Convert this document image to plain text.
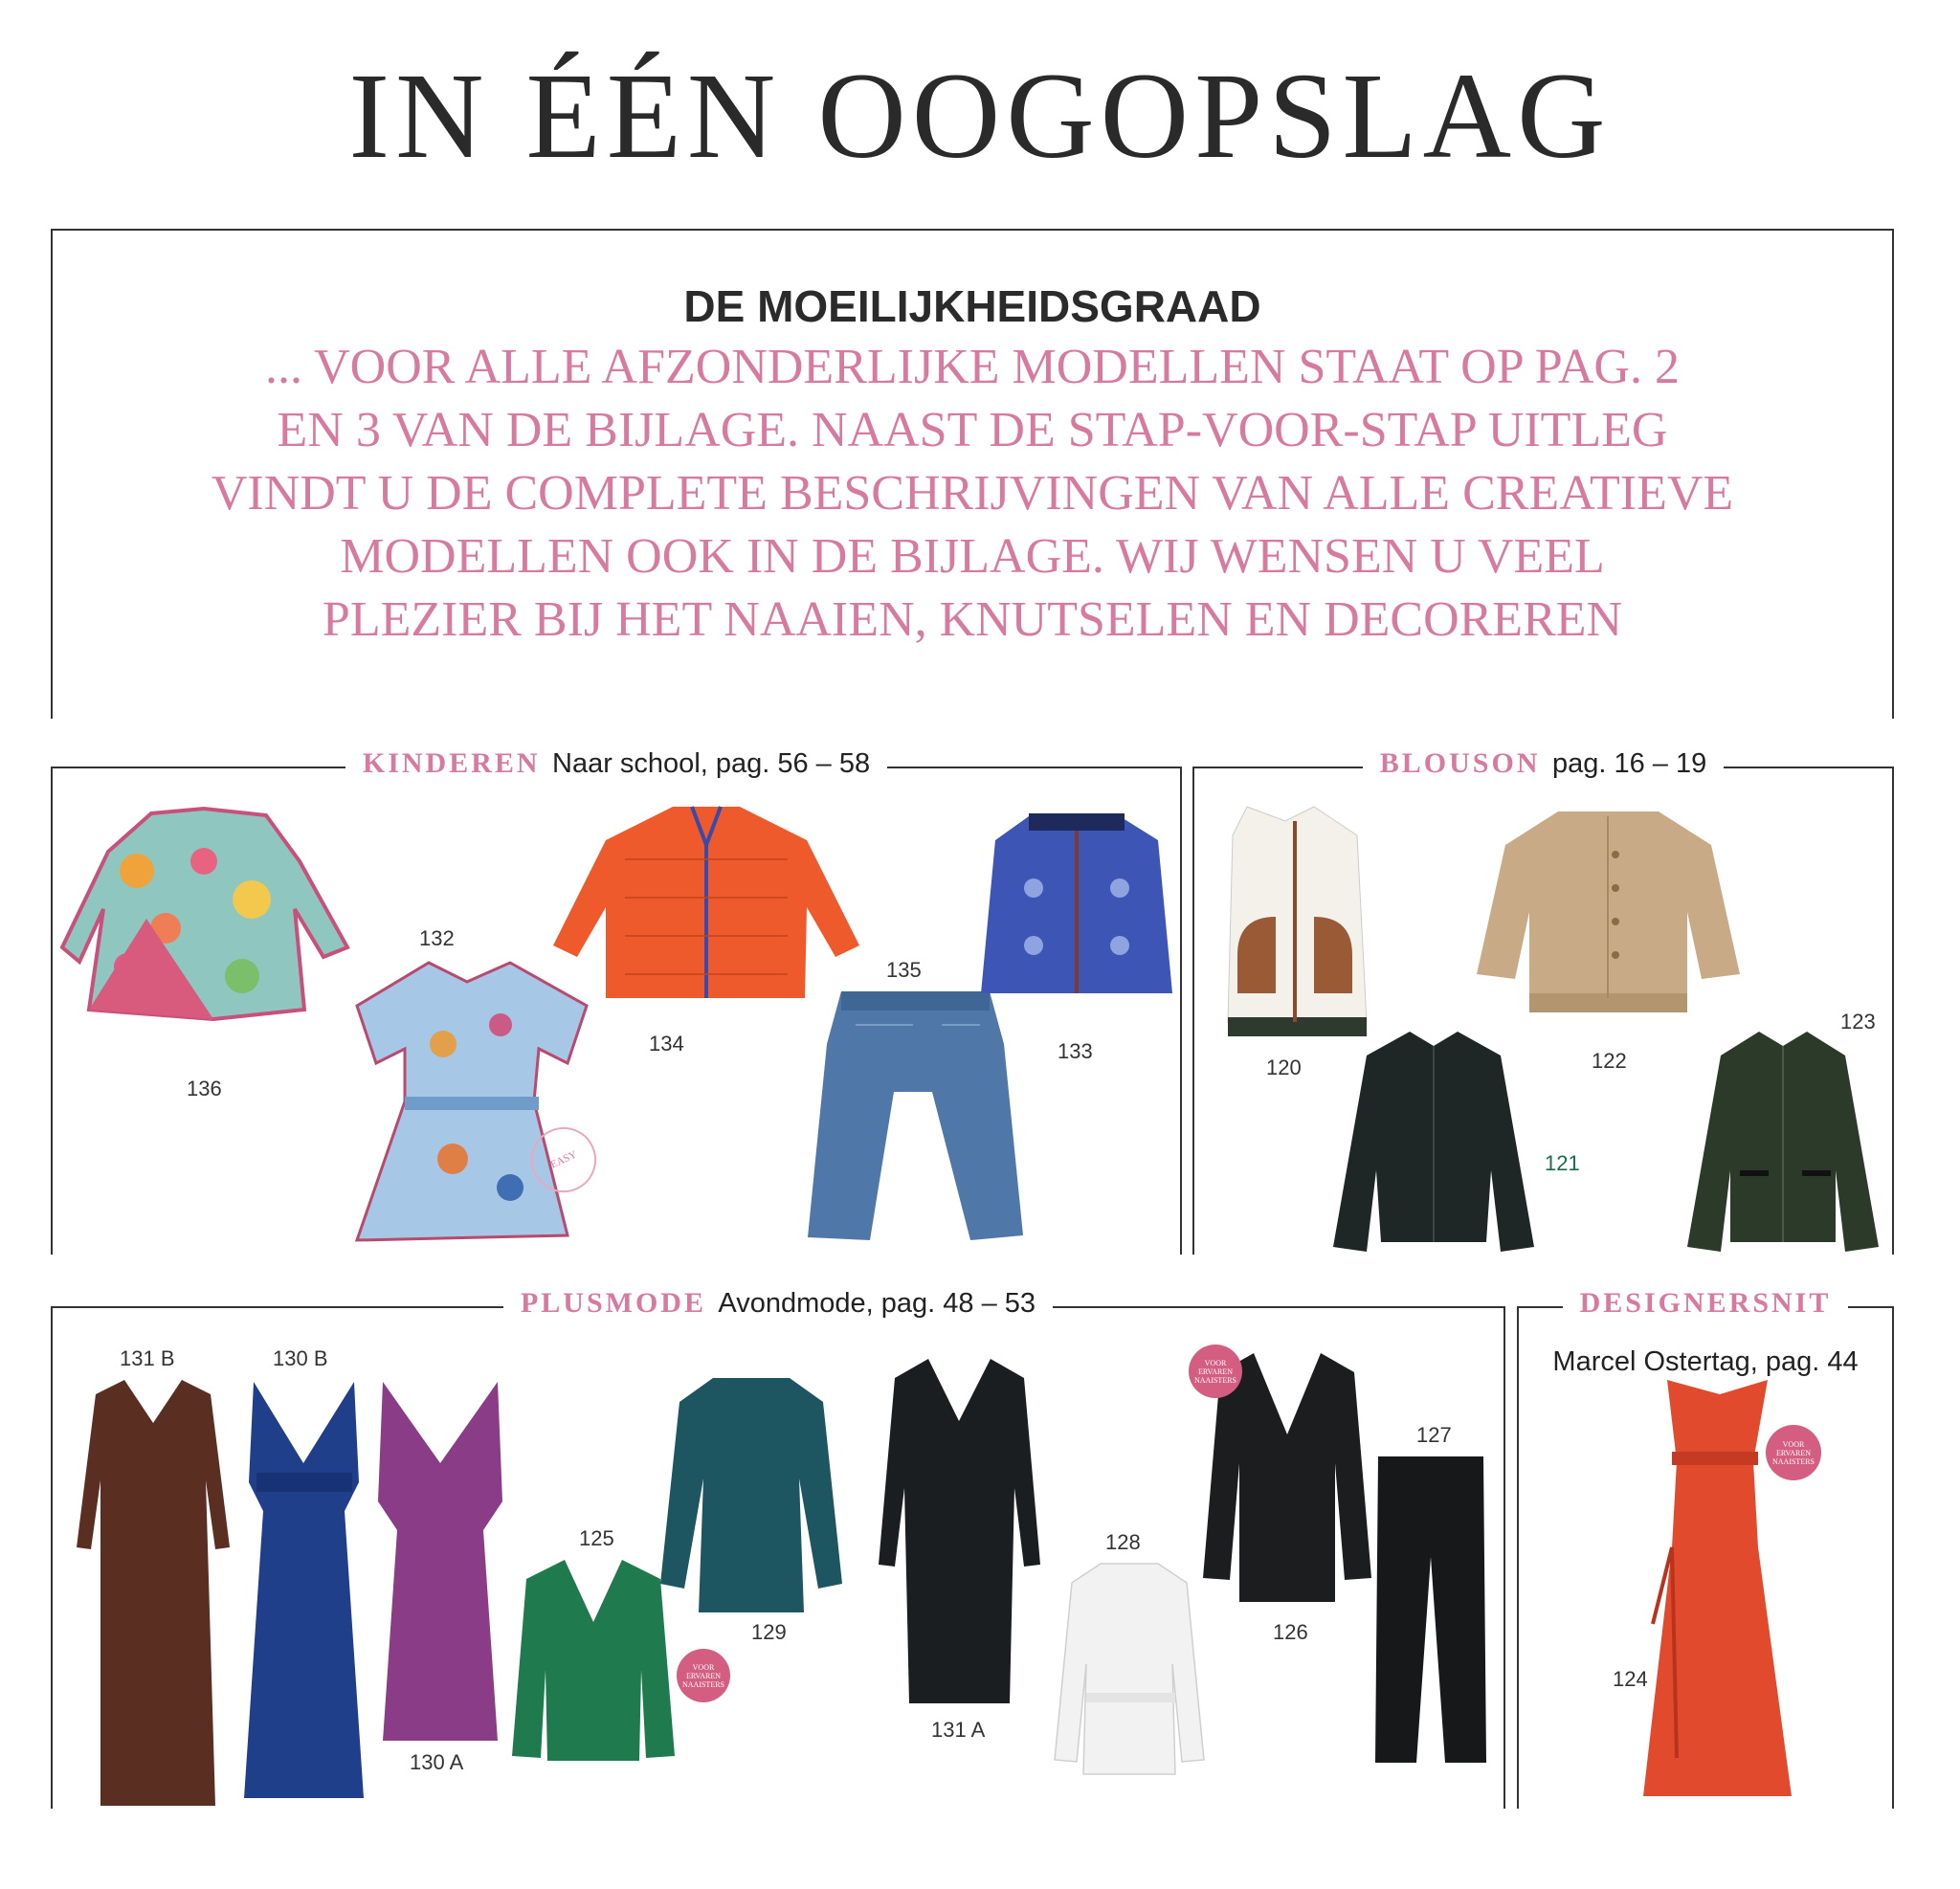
IN ÉÉN OOGOPSLAG
DE MOEILIJKHEIDSGRAAD
... VOOR ALLE AFZONDERLIJKE MODELLEN STAAT OP PAG. 2
EN 3 VAN DE BIJLAGE. NAAST DE STAP-VOOR-STAP UITLEG
VINDT U DE COMPLETE BESCHRIJVINGEN VAN ALLE CREATIEVE
MODELLEN OOK IN DE BIJLAGE. WIJ WENSEN U VEEL
PLEZIER BIJ HET NAAIEN, KNUTSELEN EN DECOREREN
KINDEREN Naar school, pag. 56 – 58
136
132
EASY
134
135
133
BLOUSON pag. 16 – 19
120	122
121
123
PLUSMODE Avondmode, pag. 48 – 53
131 B	130 B
130 A
125
VOOR ERVAREN NAAISTERS
129
131 A
128
VOOR ERVAREN NAAISTERS
126
127
DESIGNERSNIT
Marcel Ostertag, pag. 44
VOOR ERVAREN NAAISTERS
124
